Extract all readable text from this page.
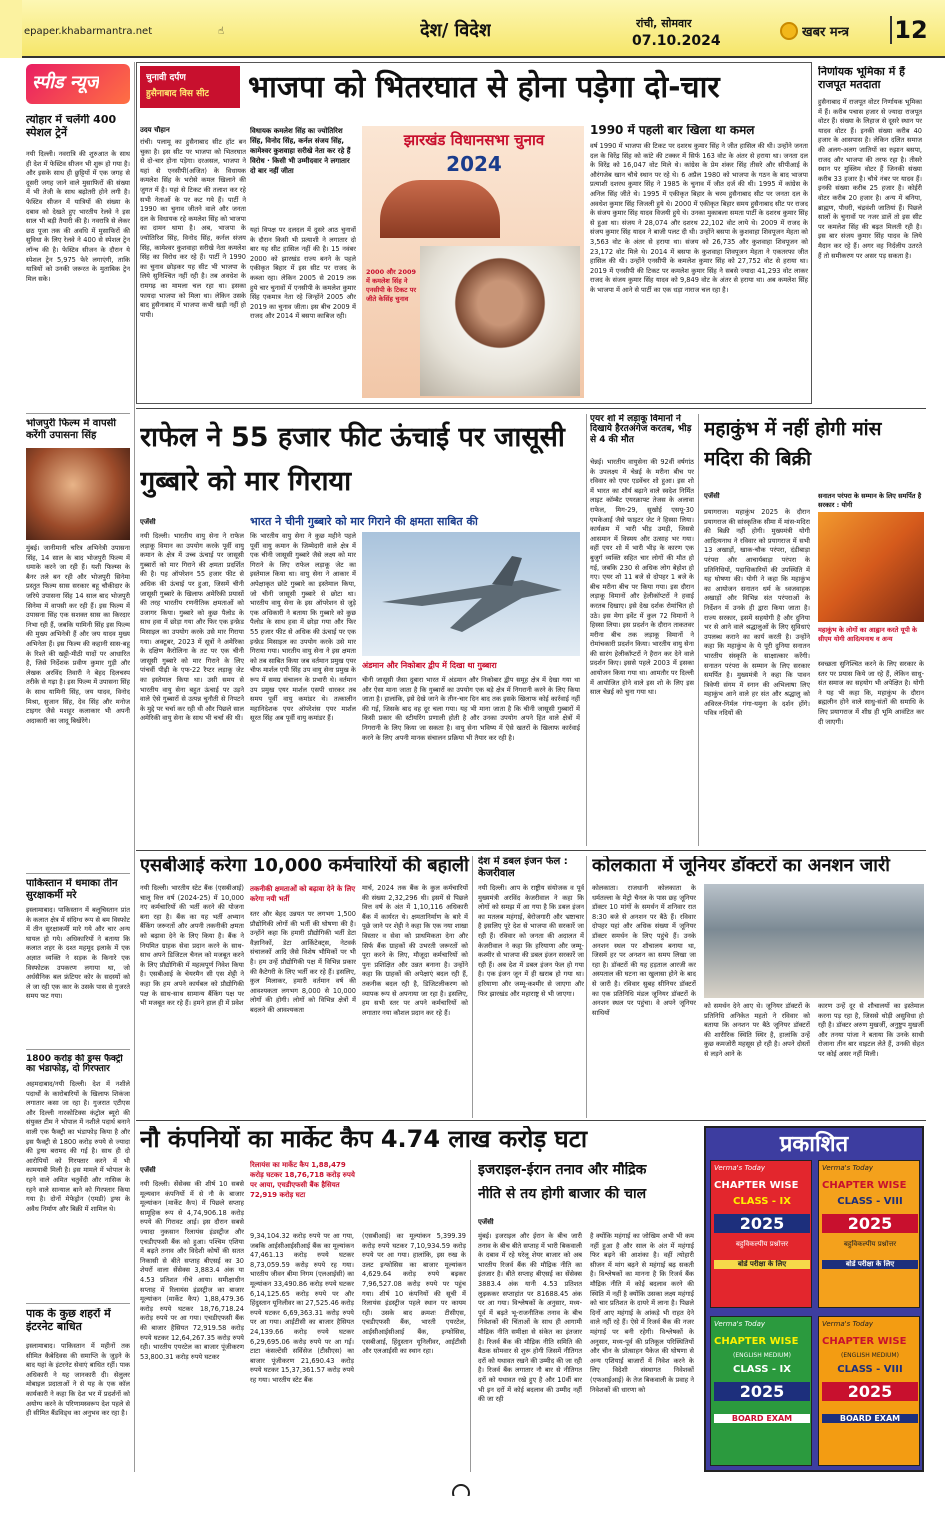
epaper.khabarmantra.net	☝	देश/ विदेश	रांची, सोमवार
07.10.2024
खबर मन्त्र 12
स्पीड न्यूज
त्योहार में चलेंगी 400 स्पेशल ट्रेनें
नयी दिल्ली। नवरात्रि की शुरुआत के साथ ही देश में फेस्टिव सीजन भी शुरू हो गया है। और इसके साथ ही छुट्टियों में एक जगह से दूसरी जगह जाने वाले मुसाफिरों की संख्या में भी तेजी के साथ बढ़ोतरी होने लगी है। फेस्टिव सीजन में यात्रियों की संख्या के दबाव को देखते हुए भारतीय रेलवे ने इस साल भी बड़ी तैयारी की है। नवरात्रि से लेकर छठ पूजा तक की अवधि में मुसाफिरों की सुविधा के लिए रेलवे ने 400 से स्पेशल ट्रेन लॉन्च की है। फेस्टिव सीजन के दौरान ये स्पेशल ट्रेन 5,975 फेरे लगाएंगी, ताकि यात्रियों को उनकी जरूरत के मुताबिक ट्रेन मिल सके।
भोजपुरी फिल्म में वापसी करेंगी उपासना सिंह
मुंबई। जानीमानी चरित्र अभिनेत्री उपासना सिंह, 14 साल के बाद भोजपुरी फिल्म में धमाके करने जा रही हैं। यशी फिल्म्स के बैनर तले बन रही और भोजपुरी सिनेमा प्रस्तुत फिल्म सास सरकार बहू चौकीदार के जरिये उपासना सिंह 14 साल बाद भोजपुरी सिनेमा में वापसी कर रही हैं। इस फिल्म में उपासना सिंह एक सशक्त सास का किरदार निभा रही हैं, जबकि यामिनी सिंह इस फिल्म की मुख्य अभिनेत्री हैं और जय यादव मुख्य अभिनेता हैं। इस फिल्म की कहानी सास-बहू के रिश्ते की खट्टी-मीठी यादों पर आधारित है, जिसे निर्देशक प्रवीण कुमार गुड़ी और लेखक अरविंद तिवारी ने बेहद दिलचस्प तरीके से गढ़ा है। इस फिल्म में उपासना सिंह के साथ यामिनी सिंह, जय यादव, विनोद मिश्रा, सुजान सिंह, देव सिंह और मनोज टाइगर जैसे मशहूर कलाकार भी अपनी अदाकारी का जादू बिखेरेंगे।
पाकिस्तान में धमाका तीन सुरक्षाकर्मी मरे
इस्लामाबाद। पाकिस्तान में बलूचिस्तान प्रांत के कलात क्षेत्र में संदिग्ध रूप से बम विस्फोट में तीन सुरक्षाकर्मी मारे गये और चार अन्य घायल हो गये। अधिकारियों ने बताया कि कलात शहर के दश्त महमूद इलाके में एक अज्ञात व्यक्ति ने सड़क के किनारे एक विस्फोटक उपकरण लगाया था, जो अर्धसैनिक बल फ्रंटियर कोर के सदस्यों को ले जा रही एक कार के उसके पास से गुजरते समय फट गया।
1800 करोड़ की ड्रग्स फैक्ट्री का भंडाफोड़, दो गिरफ्तार
अहमदाबाद/नयी दिल्ली। देश में नशीले पदार्थों के कारोबारियों के खिलाफ शिकंजा लगातार कसा जा रहा है। गुजरात एटीएस और दिल्ली नारकोटिक्स कंट्रोल ब्यूरो की संयुक्त टीम ने भोपाल में नशीले पदार्थ बनाने वाली एक फैक्ट्री का भंडाफोड़ किया है और इस फैक्ट्री से 1800 करोड़ रुपये से ज्यादा की ड्रग्स बरामद की गई है। साथ ही दो आरोपियों को गिरफ्तार करने में भी कामयाबी मिली है। इस मामले में भोपाल के रहने वाले अमित चतुर्वेदी और नासिक के रहने वाले सान्याल बाने को गिरफ्तार किया गया है। दोनों मेफेड्रोन (एमडी) ड्रग्स के अवैध निर्माण और बिक्री में शामिल थे।
पाक के कुछ शहरों में इंटरनेट बाधित
इस्लामाबाद। पाकिस्तान में महीनों तक सीमित कैबेदिवस की समाप्ति के जुड़ने के बाद यहां के इंटरनेट सेवाएं बाधित रहीं। पाक अधिकारी ने यह जानकारी दी। सेलुलर मोबाइल प्रदाताओं ने से यह के एक कॉल कार्यकारी ने कहा कि देश भर में प्रदर्शनों को अयोग्य करने के परिणामस्वरूप देश पहले से ही सीमित बैंडविड्थ का अनुभव कर रहा है।
चुनावी दर्पण
हुसैनाबाद विस सीट भाजपा को भितरघात से होना पड़ेगा दो-चार
उदय चौहान
रांची। पलामू का हुसैनाबाद सीट हॉट बन चुका है। इस सीट पर भाजपा को भितरघात से दो-चार होना पड़ेगा। दरअसल, भाजपा ने यहां से एनसीपी(अजित) के विधायक कमलेश सिंह के भरोसे कमल खिलाने की जुगत में है। यहां से टिकट की तलाश कर रहे सभी नेताओं के पर कट गये हैं। पार्टी ने 1990 का चुनाव जीतने वाले और जनता दल के विधायक रहे कमलेश सिंह को भाजपा का दामन थामा है। अब, भाजपा के ज्योतिरिश सिंह, विनोद सिंह, कर्नल संजय सिंह, कामेश्वर कुशवाहा सरीखे नेता कमलेश सिंह का विरोध कर रहे हैं। पार्टी ने 1990 का चुनाव छोड़कर यह सीट भी भाजपा के लिये सुनिश्चित नहीं रही है। तब अवधेश के रामगढ़ का मामला चल रहा था। इसका फायदा भाजपा को मिला था। लेकिन उसके बाद हुसैनाबाद में भाजपा कभी खड़ी नहीं हो पायी।
विधायक कमलेश सिंह का ज्योतिरिश सिंह, विनोद सिंह, कर्नल संजय सिंह, कामेश्वर कुशवाहा सरीखे नेता कर रहे हैं विरोध · किसी भी उम्मीदवार ने लगातार दो बार नहीं जीता
यहां विपक्ष पर दलदल में दुसरे आठ चुनावों के दौरान किसी भी प्रत्याशी ने लगातार दो बार यह सीट हासिल नहीं की है। 15 नवंबर 2000 को झारखंड राज्य बनने के पहले एकीकृत बिहार में इस सीट पर राजद के कब्जा रहा। लेकिन 2005 से 2019 तक हुये चार चुनावों में एनसीपी के कमलेश कुमार सिंह एकमात्र नेता रहे जिन्होंने 2005 और 2019 का चुनाव जीता। इस बीच 2009 में राजद और 2014 में बसपा काबिज रही।
झारखंड विधानसभा चुनाव
2024
2000 और 2009 में कमलेश सिंह ने एनसीपी के टिकट पर जीते केसिंह चुनाव
1990 में पहली बार खिला था कमल
वर्ष 1990 में भाजपा की टिकट पर दशरथ कुमार सिंह ने जीत हासिल की थी। उन्होंने जनता दल के विरेंद्र सिंह को कांटे की टक्कर में सिर्फ 163 वोट के अंतर से हराया था। जनता दल के विरेंद्र को 16,047 वोट मिले थे। कांग्रेस के प्रेम शंकर सिंह तीसरे और सीपीआई के औरंगजेब खान चौथे स्थान पर रहे थे। 6 अप्रैल 1980 को भाजपा के गठन के बाद भाजपा प्रत्याशी दशरथ कुमार सिंह ने 1985 के चुनाव में जीत दर्ज की थी। 1995 में कांग्रेस के अनिल सिंह जीते थे। 1995 में एकीकृत बिहार के चरम हुसैनाबाद सीट पर जनता दल के अवधेश कुमार सिंह जिजली हुये थे। 2000 में एकीकृत बिहार समय हुसैनाबाद सीट पर राजद के संजय कुमार सिंह यादव विजयी हुये थे। उनका मुकाबला समता पार्टी के दशरथ कुमार सिंह से हुआ था। संजय ने 28,074 और दशरथ 22,102 वोट लाये थे। 2009 में राजद के संजय कुमार सिंह यादव ने बाजी पलट दी थी। उन्होंने बसपा के कुशवाहा शिवपूजन मेहता को 3,563 वोट के अंतर से हराया था। संजय को 26,735 और कुशवाहा शिवपूजन को 23,172 वोट मिले थे। 2014 में बसपा के कुशवाहा शिवपूजन मेहता ने एकतरफा जीत हासिल की थी। उन्होंने एनसीपी के कमलेश कुमार सिंह को 27,752 वोट से हराया था। 2019 में एनसीपी की टिकट पर कमलेश कुमार सिंह ने सबसे ज्यादा 41,293 वोट लाकर राजद के संजय कुमार सिंह यादव को 9,849 वोट के अंतर से हराया था। अब कमलेश सिंह के भाजपा में आने से पार्टी का एक धड़ा नाराज चल रहा है।
निर्णायक भूमिका में हैं राजपूत मतदाता
हुसैनाबाद में राजपूत वोटर निर्णायक भूमिका में हैं। करीब पचास हजार से ज्यादा राजपूत वोटर हैं। संख्या के लिहाज से दूसरे स्थान पर यादव वोटर हैं। इनकी संख्या करीब 40 हजार के आसपास है। लेकिन दलित समाज की अलग-अलग जातियों का रुझान बसपा, राजद और भाजपा की तरफ रहा है। तीसरे स्थान पर मुस्लिम वोटर हैं जिनकी संख्या करीब 33 हजार है। चौथे नंबर पर यादव हैं। इनकी संख्या करीब 25 हजार है। कोईरी वोटर करीब 20 हजार है। अन्य में बनिया, ब्राह्मण, पौधरी, चंद्रवंशी जातियां हैं। पिछले सालों के चुनावों पर नजर डालें तो इस सीट पर कमलेश सिंह की बढ़त मिलती रही है। इस बार संजय कुमार सिंह यादव के लिये मैदान कर रहे हैं। अगर वह निर्दलीय उतरते हैं तो समीकरण पर असर पड़ सकता है।
राफेल ने 55 हजार फीट ऊंचाई पर जासूसी गुब्बारे को मार गिराया
एजेंसी
नयी दिल्ली। भारतीय वायु सेना ने राफेल लड़ाकू विमान का उपयोग करके पूर्वी वायु कमान के क्षेत्र में उच्च ऊंचाई पर जासूसी गुब्बारों को मार गिराने की क्षमता प्रदर्शित की है। यह ऑपरेशन 55 हजार फीट से अधिक की ऊंचाई पर हुआ, जिसमें चीनी जासूसी गुब्बारे के खिलाफ अमेरिकी प्रयासों की तरह भारतीय रणनीतिक क्षमताओं को उजागर किया। गुब्बारे को कुछ पैलोड के साथ हवा में छोड़ा गया और फिर एक इन्फ्रेड मिसाइल का उपयोग करके उसे मार गिराया गया। अक्टूबर, 2023 में सूत्रों ने अमेरिका के दक्षिण कैरोलिना के तट पर एक चीनी जासूसी गुब्बारे को मार गिराने के लिए पांचवीं पीढ़ी के एफ-22 रैप्टर लड़ाकू जेट का इस्तेमाल किया था। उसी समय से भारतीय वायु सेना बहुत ऊंचाई पर उड़ने वाले ऐसे गुब्बारों से उत्पन्न चुनौती से निपटने के मुद्दे पर चर्चा कर रही थी और पिछले साल अमेरिकी वायु सेना के साथ भी चर्चा की थी।
कि भारतीय वायु सेना ने कुछ महीने पहले पूर्वी वायु कमान के जिम्मेदारी वाले क्षेत्र में एक चीनी जासूसी गुब्बारे जैसे लक्ष्य को मार गिराने के लिए राफेल लड़ाकू जेट का इस्तेमाल किया था। वायु सेना ने आकार में अपेक्षाकृत छोटे गुब्बारे का इस्तेमाल किया, जो चीनी जासूसी गुब्बारे से छोटा था। भारतीय वायु सेना के इस ऑपरेशन से जुड़े एक अधिकारी ने बताया कि गुब्बारे को कुछ पैलोड के साथ हवा में छोड़ा गया और फिर 55 हजार फीट से अधिक की ऊंचाई पर एक इन्फ्रेड मिसाइल का उपयोग करके उसे मार गिराया गया। भारतीय वायु सेना ने इस क्षमता को तब साबित किया जब वर्तमान प्रमुख एयर चीफ मार्शल एपी सिंह उप वायु सेना प्रमुख के रूप में समग्र संचालन के प्रभारी थे। वर्तमान उप प्रमुख एयर मार्शल एसपी धारकर तब समय पूर्वी वायु कमांडर थे। तत्कालीन महानिदेशक एयर ऑपरेशंस एयर मार्शल सूरत सिंह अब पूर्वी वायु कमांडर हैं।
भारत ने चीनी गुब्बारे को मार गिराने की क्षमता साबित की
अंडमान और निकोबार द्वीप में दिखा था गुब्बारा
चीनी जासूसी जैसा दुबारा भारत में अंडमान और निकोबार द्वीप समूह क्षेत्र में देखा गया था और ऐसा माना जाता है कि गुब्बारों का उपयोग एक बड़े क्षेत्र में निगरानी करने के लिए किया जाता है। हालांकि, इसे देखे जाने के तीन-चार दिन बाद तक इसके खिलाफ कोई कार्रवाई नहीं की गई, जिसके बाद वह दूर चला गया। यह भी माना जाता है कि चीनी जासूसी गुब्बारों में किसी प्रकार की स्टीयरिंग प्रणाली होती है और उनका उपयोग अपने हित वाले क्षेत्रों में निगरानी के लिए किया जा सकता है। वायु सेना भविष्य में ऐसे खतरों के खिलाफ कार्रवाई करने के लिए अपनी मानक संचालन प्रक्रिया भी तैयार कर रही है।
एयर शो में लड़ाकू विमानों ने दिखाये हैरतअंगेज करतब, भीड़ से 4 की मौत
चेन्नई। भारतीय वायुसेना की 92वीं वर्षगांठ के उपलक्ष्य में चेन्नई के मरीना बीच पर रविवार को एयर एडवेंचर शो हुआ। इस शो में भारत का शौर्य बढ़ाने वाले स्वदेश निर्मित लाइट कॉम्बैट एयरक्राफ्ट तेजस के अलावा राफेल, मिग-29, सुखोई एसयू-30 एमकेआई जैसे फाइटर जेट ने हिस्सा लिया। कार्यक्रम में भारी भीड़ उमड़ी, जिससे आसमान में विस्मय और उत्साह भर गया। वहीं एयर शो में भारी भीड़ के कारण एक बुजुर्ग व्यक्ति सहित चार लोगों की मौत हो गई, जबकि 230 से अधिक लोग बेहोश हो गए। एयर शो 11 बजे से दोपहर 1 बजे के बीच मरीना बीच पर किया गया। इस दौरान लड़ाकू विमानों और हेलीकॉप्टरों ने हवाई करतब दिखाए। इसे देख दर्शक रोमांचित हो उठे। इस मेगा इवेंट में कुल 72 विमानों ने हिस्सा लिया। इस प्रदर्शन के दौरान ताकतवर मरीना बीच तक लड़ाकू विमानों ने रोमांचकारी प्रदर्शन किया। भारतीय वायु सेना की सारंग हेलीकॉप्टरों ने हैरान कर देने वाले प्रदर्शन किए। इससे पहले 2003 में इसका आयोजन किया गया था। आमतौर पर दिल्ली में आयोजित होने वाले इस शो के लिए इस साल चेन्नई को चुना गया था।
महाकुंभ में नहीं होगी मांस मदिरा की बिक्री
एजेंसी
प्रयागराज। महाकुंभ 2025 के दौरान प्रयागराज की सांस्कृतिक सीमा में मांस-मदिरा की बिक्री नहीं होगी। मुख्यमंत्री योगी आदित्यनाथ ने रविवार को प्रयागराज में सभी 13 अखाड़ों, खाक-चौक परंपरा, दंडीबाड़ा परंपरा और आचार्यबाड़ा परंपरा के प्रतिनिधियों, पदाधिकारियों की उपस्थिति में यह घोषणा की। योगी ने कहा कि महाकुंभ का आयोजन सनातन धर्म के ध्वजवाहक अखाड़ों और विभिन्न संत परंपराओं के निर्देशन में उनके ही द्वारा किया जाता है। राज्य सरकार, इसमें सहयोगी है और दुनिया भर से आने वाले श्रद्धालुओं के लिए सुविधाएं उपलब्ध कराने का कार्य करती है। उन्होंने कहा कि महाकुंभ के ये पूरी दुनिया सनातन भारतीय संस्कृति के साक्षात्कार करेंगी। सनातन परंपरा के सम्मान के लिए सरकार समर्पित है। मुख्यमंत्री ने कहा कि पावन त्रिवेणी संगम में स्नान की अभिलाषा लिए महाकुंभ आने वाले हर संत और श्रद्धालु को अविरल-निर्मल गंगा-यमुना के दर्शन होंगे। पवित्र नदियों की
सनातन परंपरा के सम्मान के लिए समर्पित है सरकार : योगी
महाकुंभ के लोगों का आह्वान करते यूपी के सीएम योगी आदित्यनाथ व अन्य
स्वच्छता सुनिश्चित करने के लिए सरकार के स्तर पर प्रयास किये जा रहे हैं, लेकिन साधु-संत समाज का सहयोग भी अपेक्षित है। योगी ने यह भी कहा कि, महाकुंभ के दौरान ब्रह्मलीन होने वाले साधु-संतों की समाधि के लिए प्रयागराज में शीघ्र ही भूमि आवंटित कर दी जाएगी।
एसबीआई करेगा 10,000 कर्मचारियों की बहाली
नयी दिल्ली। भारतीय स्टेट बैंक (एसबीआई) चालू वित्त वर्ष (2024-25) में 10,000 नए कर्मचारियों की भर्ती करने की योजना बना रहा है। बैंक का यह भर्ती अभ्यान बैंकिंग जरूरतों और अपनी तकनीकी क्षमता को बढ़ावा देने के लिए किया है। बैंक ने नियमित ग्राहक सेवा प्रदान करने के साथ-साथ अपने डिजिटल चैनल को मजबूत करने के लिए प्रौद्योगिकी में महत्वपूर्ण निवेश किया है। एसबीआई के चेयरमैन सी एस शेट्टी ने कहा कि हम अपने कार्यबल को प्रौद्योगिकी पक्ष के साथ-साथ सामान्य बैंकिंग पक्ष पर भी मजबूत कर रहे हैं। हमने हाल ही में प्रवेश
तकनीकी क्षमताओं को बढ़ावा देने के लिए करेगा नयी भर्ती
स्तर और बेहद उन्नयत पर लगभग 1,500 प्रौद्योगिकी लोगों की भर्ती की घोषणा की है। उन्होंने कहा कि हमारी प्रौद्योगिकी भर्ती डेटा वैज्ञानिकों, डेटा आर्किटेक्ट्स, नेटवर्क संचालकों आदि जैसे विशेष भौमिकों पर भी है। हम उन्हें प्रौद्योगिकी पक्ष में विभिन्न प्रकार की कैटेगरी के लिए भर्ती कर रहे हैं। इसलिए, कुल मिलाकर, हमारी वर्तमान वर्ष की आवश्यकता लगभग 8,000 से 10,000 लोगों की होगी। लोगों को विभिन्न क्षेत्रों में बदलने की आवश्यकता
मार्च, 2024 तक बैंक के कुल कर्मचारियों की संख्या 2,32,296 थी। इसमें से पिछले वित्त वर्ष के अंत में 1,10,116 अधिकारी बैंक में कार्यरत थे। क्षमतानिर्माण के बारे में पूछे जाने पर शेट्टी ने कहा कि एक नया शाखा विस्तार व सेवा को प्राथमिकता देना और सिर्फ बैंक ग्राहकों की उभरती जरूरतों को पूरा करने के लिए, मौजूदा कर्मचारियों को पुनः प्रशिक्षित और उन्नत बनाना है। उन्होंने कहा कि ग्राहकों की अपेक्षाएं बदल रही हैं, तकनीक बदल रही है, डिजिटलीकरण को व्यापक रूप से अपनाया जा रहा है। इसलिए, हम सभी स्तर पर अपने कर्मचारियों को लगातार नया कौशल प्रदान कर रहे हैं।
देश में डबल इंजन फेल : केजरीवाल
नयी दिल्ली। आप के राष्ट्रीय संयोजक व पूर्व मुख्यमंत्री अरविंद केजरीवाल ने कहा कि लोगों को समझ में आ गया है कि डबल इंजन का मतलब महंगाई, बेरोजगारी और भ्रष्टाचार है इसलिए पूरे देश से भाजपा की सरकारें जा रही हैं। रविवार को जनता की अदालत में केजरीवाल ने कहा कि हरियाणा और जम्मू-कश्मीर से भाजपा की डबल इंजन सरकारें जा रही हैं। अब देश में डबल इंजन फेल हो गया है। एक इंजन जून में ही खराब हो गया था। हरियाणा और जम्मू-कश्मीर से जाएगा और फिर झारखंड और महाराष्ट्र से भी जाएगा।
कोलकाता में जूनियर डॉक्टरों का अनशन जारी
कोलकाता। राजधानी कोलकाता के धर्मतल्ला के मेट्रो चैनल के पास छह जूनियर डॉक्टर 10 मांगों के समर्थन में शनिवार रात 8:30 बजे से अनशन पर बैठे हैं। रविवार दोपहर यहां और अधिक संख्या में जूनियर डॉक्टर समर्थन के लिए पहुंचे हैं। उनके अनशन स्थल पर शौचालय बनाया था, जिसमें हर पर अनशन का समय लिखा जा रहा है। डॉक्टरों की यह हड़ताल आरजी कर अस्पताल की घटना का खुलासा होने के बाद से जारी है। रविवार सुबह सीनियर डॉक्टरों का एक प्रतिनिधि मंडल जूनियर डॉक्टरों के अनशन स्थल पर पहुंचा। वे अपने जूनियर साथियों
को समर्थन देने आए थे। जूनियर डॉक्टरों के प्रतिनिधि अनिकेत महतो ने रविवार को बताया कि अनशन पर बैठे जूनियर डॉक्टरों की शारीरिक स्थिति स्थिर है, हालांकि उन्हें कुछ कमजोरी महसूस हो रही है। अपने दोस्तों से लड़ने आने के
कारण उन्हें दूर से शौचालयों का इस्तेमाल करना पड़ रहा है, जिससे थोड़ी असुविधा हो रही है। डॉक्टर अरुण मुखर्जी, अनुष्टुप मुखर्जी और तनया पांजा ने बताया कि उनके साथी रोजाना तीन बार वाइटल लेते हैं, उनकी सेहत पर कोई असर नहीं मिली।
नौ कंपनियों का मार्केट कैप 4.74 लाख करोड़ घटा
एजेंसी
नयी दिल्ली। सेंसेक्स की शीर्ष 10 सबसे मूल्यवान कंपनियों में से नौ के बाजार मूल्यांकन (मार्केट कैप) में पिछले सप्ताह सामूहिक रूप से 4,74,906.18 करोड़ रुपये की गिरावट आई। इस दौरान सबसे ज्यादा नुकसान रिलायंस इंडस्ट्रीज और एचडीएफसी बैंक को हुआ। पश्चिम एशिया में बढ़ते तनाव और विदेशी कोषों की सतत निकासी से बीते सप्ताह बीएसई का 30 शेयरों वाला सेंसेक्स 3,883.4 अंक या 4.53 प्रतिशत नीचे आया। समीक्षाधीन सप्ताह में रिलायंस इंडस्ट्रीज का बाजार मूल्यांकन (मार्केट कैप) 1,88,479.36 करोड़ रुपये घटकर 18,76,718.24 करोड़ रुपये पर आ गया। एचडीएफसी बैंक की बाजार हैसियत 72,919.58 करोड़ रुपये घटकर 12,64,267.35 करोड़ रुपये रही। भारतीय एयरटेल का बाजार पूंजीकरण 53,800.31 करोड़ रुपये घटकर
रिलायंस का मार्केट कैप 1,88,479 करोड़ घटकर 18,76,718 करोड़ रुपये पर आया, एचडीएफसी बैंक हैसियत 72,919 करोड़ घटा
9,34,104.32 करोड़ रुपये पर आ गया, जबकि आईसीआईसीआई बैंक का मूल्यांकन 47,461.13 करोड़ रुपये घटकर 8,73,059.59 करोड़ रुपये रह गया। भारतीय जीवन बीमा निगम (एलआईसी) का मूल्यांकन 33,490.86 करोड़ रुपये घटकर 6,14,125.65 करोड़ रुपये पर और हिंदुस्तान यूनिलीवर का 27,525.46 करोड़ रुपये घटकर 6,69,363.31 करोड़ रुपये पर आ गया। आईटीसी का बाजार हैसियत 24,139.66 करोड़ रुपये घटकर 6,29,695.06 करोड़ रुपये पर आ गई। टाटा कंसल्टेंसी सर्विसेज (टीसीएस) का बाजार पूंजीकरण 21,690.43 करोड़ रुपये घटकर 15,37,361.57 करोड़ रुपये रह गया। भारतीय स्टेट बैंक
(एसबीआई) का मूल्यांकन 5,399.39 करोड़ रुपये घटकर 7,10,934.59 करोड़ रुपये पर आ गया। हालांकि, इस रुख के उलट इन्फोसिस का बाजार मूल्यांकन 4,629.64 करोड़ रुपये बढ़कर 7,96,527.08 करोड़ रुपये पर पहुंच गया। शीर्ष 10 कंपनियों की सूची में रिलायंस इंडस्ट्रीज पहले स्थान पर कायम रही। उसके बाद क्रमशः टीसीएस, एचडीएफसी बैंक, भारती एयरटेल, आईसीआईसीआई बैंक, इन्फोसिस, एसबीआई, हिंदुस्तान यूनिलीवर, आईटीसी और एलआईसी का स्थान रहा।
इजराइल-ईरान तनाव और मौद्रिक
नीति से तय होगी बाजार की चाल
एजेंसी
मुंबई। इजराइल और ईरान के बीच जारी तनाव के बीच बीते सप्ताह में भारी बिकवाली के दबाव में रहे घरेलू शेयर बाजार को अब भारतीय रिजर्व बैंक की मौद्रिक नीति का इंतजार है। बीते सप्ताह बीएसई का सेंसेक्स 3883.4 अंक यानी 4.53 प्रतिशत लुढ़ककर सप्ताहांत पर 81688.45 अंक पर आ गया। विश्लेषकों के अनुसार, मध्य-पूर्व में बढ़ते भू-राजनीतिक तनाव के बीच निवेशकों की चिंताओं के साथ ही आगामी मौद्रिक नीति समीक्षा से संकेत का इंतजार है। रिजर्व बैंक की मौद्रिक नीति समिति की बैठक सोमवार से शुरू होगी जिसमें नीतिगत दरों को यथावत रखने की उम्मीद की जा रही है। रिजर्व बैंक लगातार नौ बार से नीतिगत दरों को यथावत रखे हुए है और 10वीं बार भी इन दरों में कोई बदलाव की उम्मीद नहीं की जा रही
है क्योंकि महंगाई का जोखिम अभी भी कम नहीं हुआ है और साल के अंत में महंगाई फिर बढ़ने की आशंका है। वहीं त्योहारी सीजन में मांग बढ़ने से महंगाई बढ़ सकती है। विश्लेषकों का मानना है कि रिजर्व बैंक मौद्रिक नीति में कोई बदलाव करने की स्थिति में नहीं है क्योंकि उसका लक्ष्य महंगाई को चार प्रतिशत के दायरे में लाना है। पिछले दिनों आए महंगाई के आंकड़े भी राहत देने वाले नहीं रहे हैं। ऐसे में रिजर्व बैंक की नजर महंगाई पर बनी रहेगी। विश्लेषकों के अनुसार, मध्य-पूर्व की प्रतिकूल परिस्थितियों और चीन के प्रोत्साहन पैकेज की घोषणा से अन्य एशियाई बाजारों में निवेश करने के लिए विदेशी संस्थागत निवेशकों (एफआईआई) के तेज बिकवाली के प्रवाह ने निवेशकों की धारणा को
प्रकाशित
Verma's Today
CHAPTER WISE
CLASS - IX
2025
बहुविकल्पीय प्रश्नोत्तर
बोर्ड परीक्षा के लिए
Verma's Today
CHAPTER WISE
CLASS - VIII
2025
बहुविकल्पीय प्रश्नोत्तर
बोर्ड परीक्षा के लिए
Verma's Today
CHAPTER WISE
(ENGLISH MEDIUM)
CLASS - IX
2025
BOARD EXAM
Verma's Today
CHAPTER WISE
(ENGLISH MEDIUM)
CLASS - VIII
2025
BOARD EXAM
